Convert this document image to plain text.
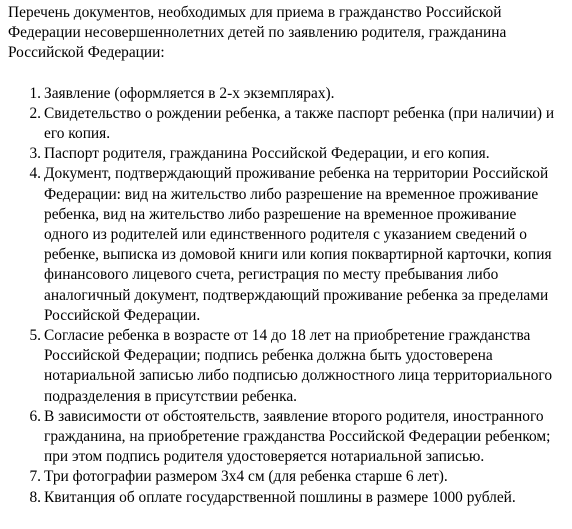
Перечень документов, необходимых для приема в гражданство Российской Федерации несовершеннолетних детей по заявлению родителя, гражданина Российской Федерации:

1. Заявление (оформляется в 2-х экземплярах).
2. Свидетельство о рождении ребенка, а также паспорт ребенка (при наличии) и его копия.
3. Паспорт родителя, гражданина Российской Федерации, и его копия.
4. Документ, подтверждающий проживание ребенка на территории Российской Федерации: вид на жительство либо разрешение на временное проживание ребенка, вид на жительство либо разрешение на временное проживание одного из родителей или единственного родителя с указанием сведений о ребенке, выписка из домовой книги или копия поквартирной карточки, копия финансового лицевого счета, регистрация по месту пребывания либо аналогичный документ, подтверждающий проживание ребенка за пределами Российской Федерации.
5. Согласие ребенка в возрасте от 14 до 18 лет на приобретение гражданства Российской Федерации; подпись ребенка должна быть удостоверена нотариальной записью либо подписью должностного лица территориального подразделения в присутствии ребенка.
6. В зависимости от обстоятельств, заявление второго родителя, иностранного гражданина, на приобретение гражданства Российской Федерации ребенком; при этом подпись родителя удостоверяется нотариальной записью.
7. Три фотографии размером 3х4 см (для ребенка старше 6 лет).
8. Квитанция об оплате государственной пошлины в размере 1000 рублей.
